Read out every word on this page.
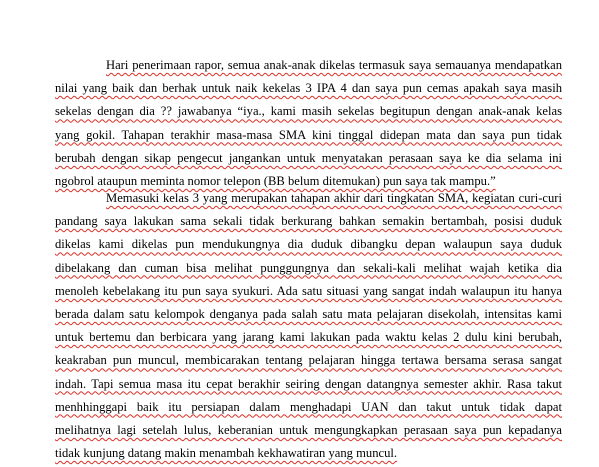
Hari penerimaan rapor, semua anak-anak dikelas termasuk saya semauanya mendapatkan
nilai yang baik dan berhak untuk naik kekelas 3 IPA 4 dan saya pun cemas apakah saya masih
sekelas dengan dia ?? jawabanya “iya., kami masih sekelas begitupun dengan anak-anak kelas
yang gokil. Tahapan terakhir masa-masa SMA kini tinggal didepan mata dan saya pun tidak
berubah dengan sikap pengecut jangankan untuk menyatakan perasaan saya ke dia selama ini
ngobrol ataupun meminta nomor telepon (BB belum ditemukan) pun saya tak mampu.”
Memasuki kelas 3 yang merupakan tahapan akhir dari tingkatan SMA, kegiatan curi-curi
pandang saya lakukan sama sekali tidak berkurang bahkan semakin bertambah, posisi duduk
dikelas kami dikelas pun mendukungnya dia duduk dibangku depan walaupun saya duduk
dibelakang dan cuman bisa melihat punggungnya dan sekali-kali melihat wajah ketika dia
menoleh kebelakang itu pun saya syukuri. Ada satu situasi yang sangat indah walaupun itu hanya
berada dalam satu kelompok denganya pada salah satu mata pelajaran disekolah, intensitas kami
untuk bertemu dan berbicara yang jarang kami lakukan pada waktu kelas 2 dulu kini berubah,
keakraban pun muncul, membicarakan tentang pelajaran hingga tertawa bersama serasa sangat
indah. Tapi semua masa itu cepat berakhir seiring dengan datangnya semester akhir. Rasa takut
menhhinggapi baik itu persiapan dalam menghadapi UAN dan takut untuk tidak dapat
melihatnya lagi setelah lulus, keberanian untuk mengungkapkan perasaan saya pun kepadanya
tidak kunjung datang makin menambah kekhawatiran yang muncul.
